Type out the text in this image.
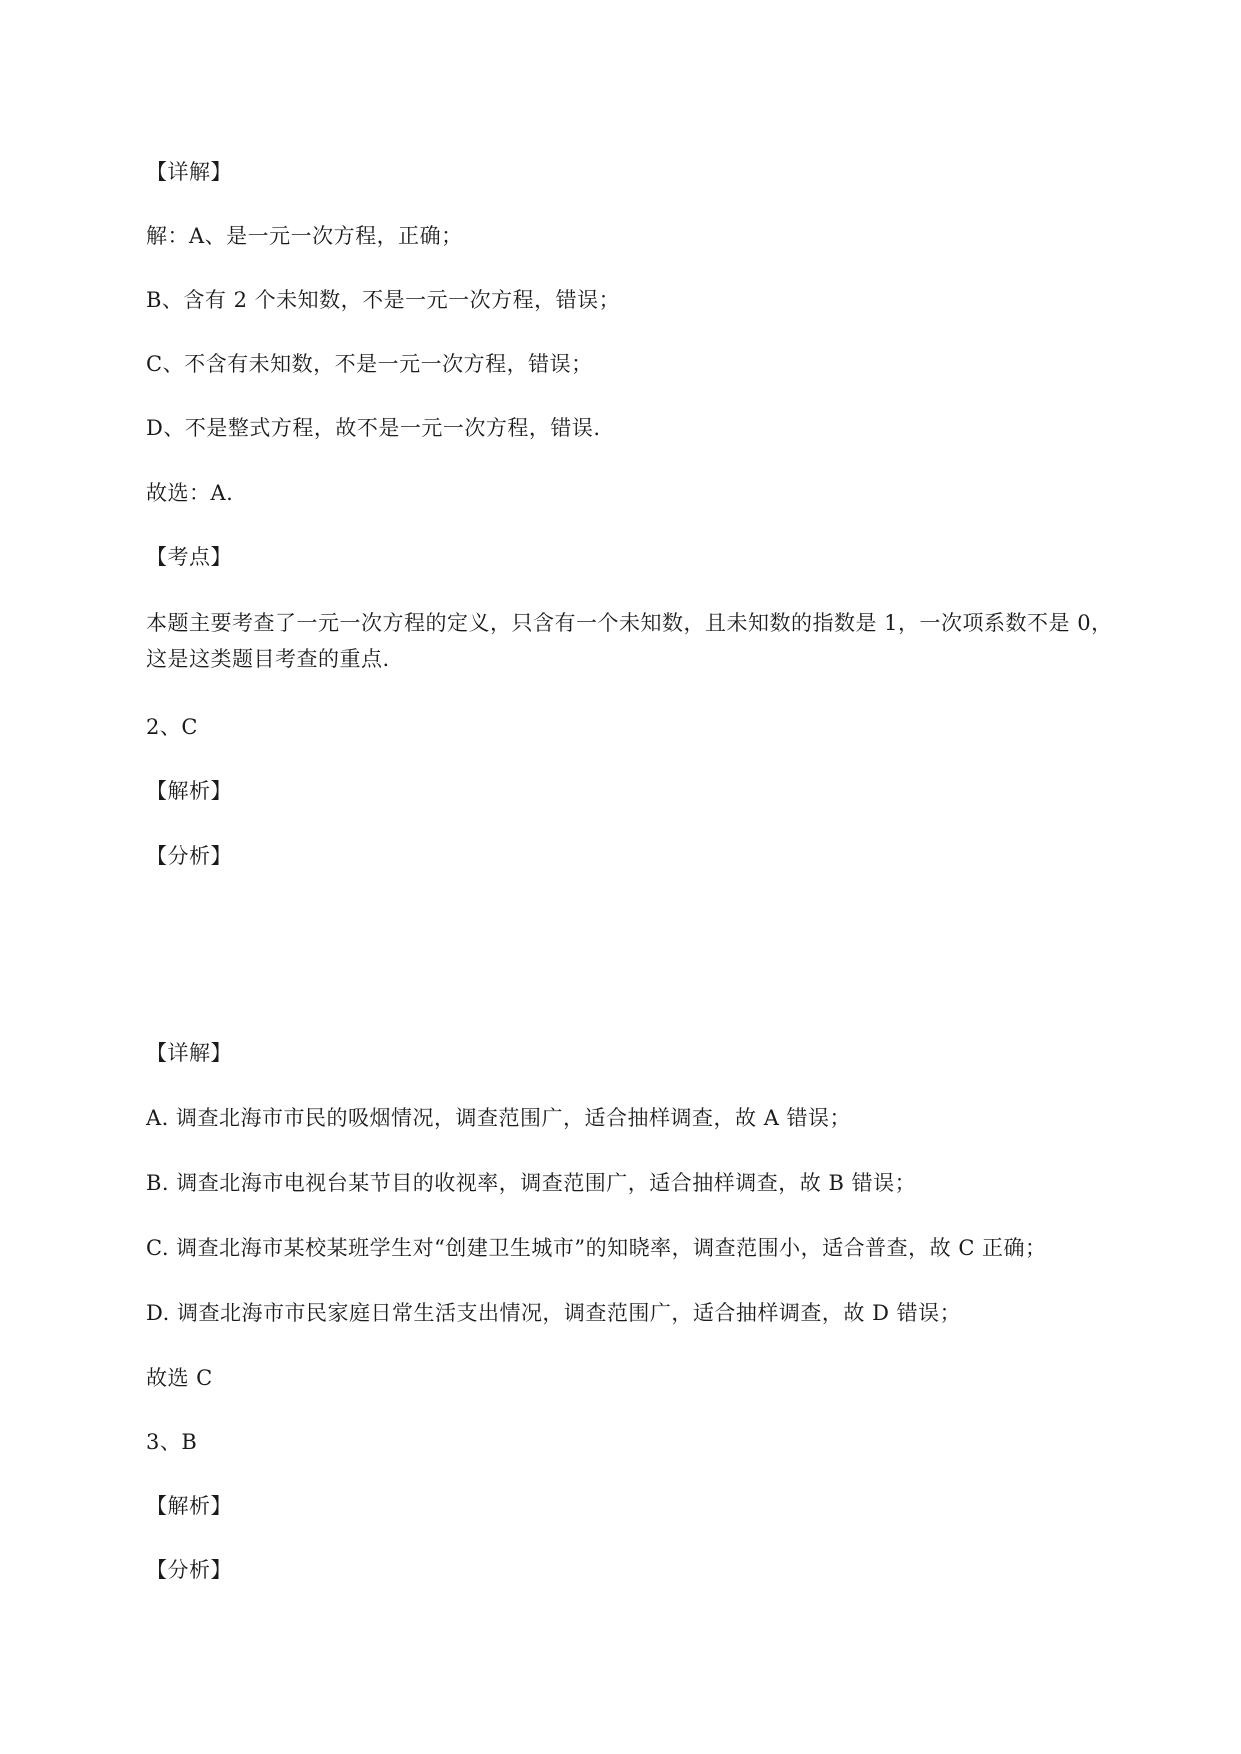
【详解】
解：A、是一元一次方程，正确；
B、含有 2 个未知数，不是一元一次方程，错误；
C、不含有未知数，不是一元一次方程，错误；
D、不是整式方程，故不是一元一次方程，错误.
故选：A.
【考点】
本题主要考查了一元一次方程的定义，只含有一个未知数，且未知数的指数是 1，一次项系数不是 0，
这是这类题目考查的重点.
2、C
【解析】
【分析】
【详解】
A. 调查北海市市民的吸烟情况，调查范围广，适合抽样调查，故 A 错误；
B. 调查北海市电视台某节目的收视率，调查范围广，适合抽样调查，故 B 错误；
C. 调查北海市某校某班学生对“创建卫生城市”的知晓率，调查范围小，适合普查，故 C 正确；
D. 调查北海市市民家庭日常生活支出情况，调查范围广，适合抽样调查，故 D 错误；
故选 C
3、B
【解析】
【分析】
